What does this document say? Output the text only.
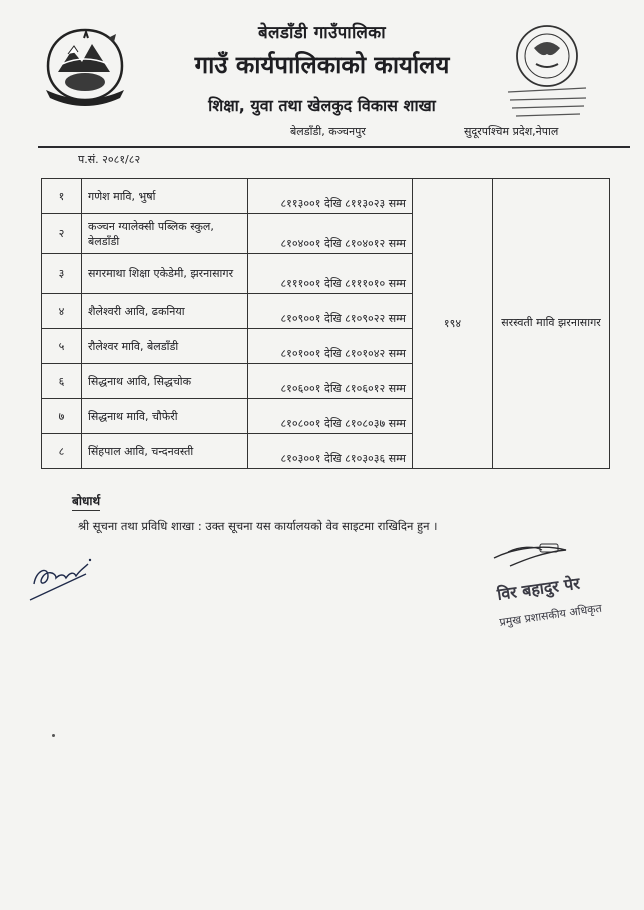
बेलडाँडी गाउँपालिका
गाउँ कार्यपालिकाको कार्यालय
शिक्षा, युवा तथा खेलकुद विकास शाखा
बेलडाँडी, कञ्चनपुर	सुदूरपश्चिम प्रदेश,नेपाल
प.सं. २०८१/८२
१	गणेश मावि, भुर्षा	८११३००१ देखि ८११३०२३ सम्म	१९४	सरस्वती मावि झरनासागर
२	कञ्चन ग्यालेक्सी पब्लिक स्कुल, बेलडाँडी	८१०४००१ देखि ८१०४०१२ सम्म		
३	सगरमाथा शिक्षा एकेडेमी, झरनासागर	८१११००१ देखि ८१११०१० सम्म		
४	शैलेश्वरी आवि, ढकनिया	८१०९००१ देखि ८१०९०२२ सम्म		
५	रौलेश्वर मावि, बेलडाँडी	८१०१००१ देखि ८१०१०४२ सम्म		
६	सिद्धनाथ आवि, सिद्धचोक	८१०६००१ देखि ८१०६०१२ सम्म		
७	सिद्धनाथ मावि, चौफेरी	८१०८००१ देखि ८१०८०३७ सम्म		
८	सिंहपाल आवि, चन्दनवस्ती	८१०३००१ देखि ८१०३०३६ सम्म		
बोधार्थ
श्री सूचना तथा प्रविधि शाखा : उक्त सूचना यस कार्यालयको वेव साइटमा राखिदिन हुन ।
विर बहादुर पेर
प्रमुख प्रशासकीय अधिकृत
